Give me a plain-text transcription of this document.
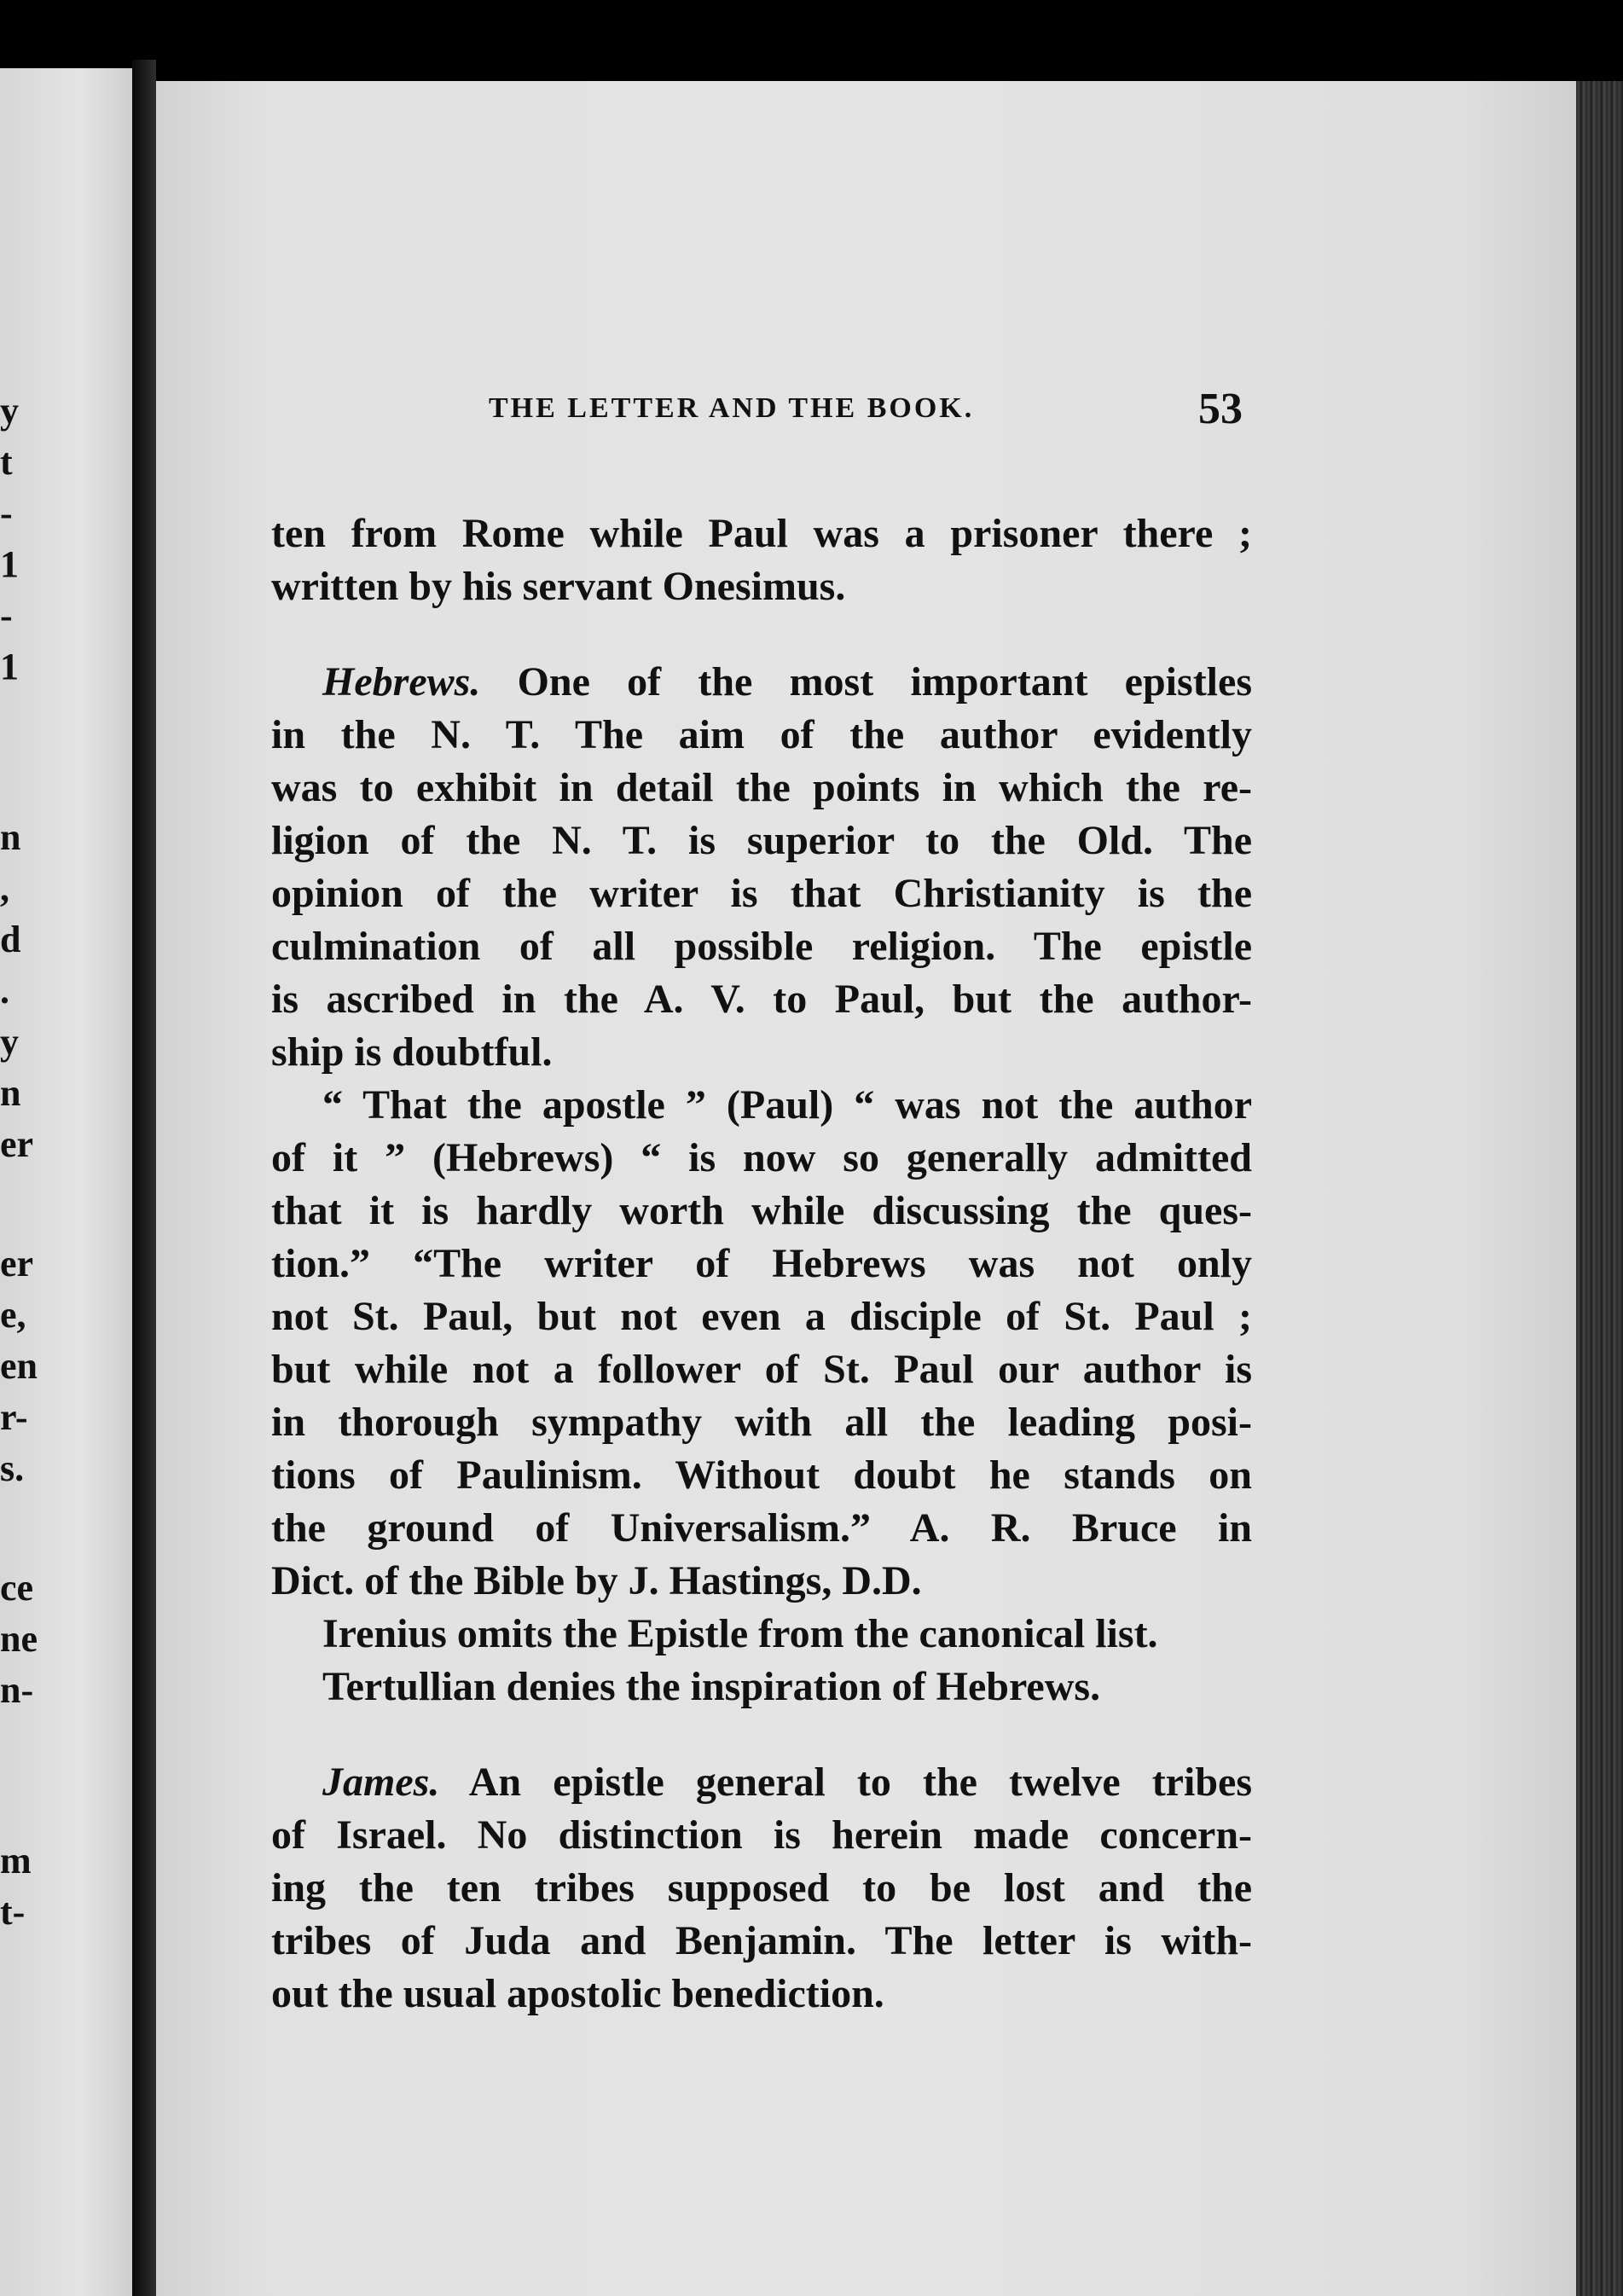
y
t
-
1
-
1
n
,
d
.
y
n
er
er
e,
en
r-
s.
ce
ne
n-
m
t-
THE LETTER AND THE BOOK.	53
ten from Rome while Paul was a prisoner there ;
written by his servant Onesimus.
Hebrews. One of the most important epistles
in the N. T. The aim of the author evidently
was to exhibit in detail the points in which the re-
ligion of the N. T. is superior to the Old. The
opinion of the writer is that Christianity is the
culmination of all possible religion. The epistle
is ascribed in the A. V. to Paul, but the author-
ship is doubtful.
“ That the apostle ” (Paul) “ was not the author
of it ” (Hebrews) “ is now so generally admitted
that it is hardly worth while discussing the ques-
tion.” “The writer of Hebrews was not only
not St. Paul, but not even a disciple of St. Paul ;
but while not a follower of St. Paul our author is
in thorough sympathy with all the leading posi-
tions of Paulinism. Without doubt he stands on
the ground of Universalism.” A. R. Bruce in
Dict. of the Bible by J. Hastings, D.D.
Irenius omits the Epistle from the canonical list.
Tertullian denies the inspiration of Hebrews.
James. An epistle general to the twelve tribes
of Israel. No distinction is herein made concern-
ing the ten tribes supposed to be lost and the
tribes of Juda and Benjamin. The letter is with-
out the usual apostolic benediction.
